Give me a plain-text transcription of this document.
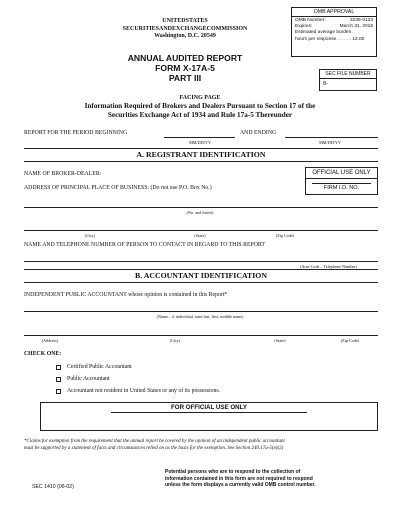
UNITEDSTATES
SECURITIESANDEXCHANGECOMMISSION
Washington, D.C. 20549
ANNUAL AUDITED REPORT
FORM X-17A-5
PART III
FACING PAGE
Information Required of Brokers and Dealers Pursuant to Section 17 of the
Securities Exchange Act of 1934 and Rule 17a-5 Thereunder
OMB APPROVAL
OMB Number:	3235-0123
Expires:	March 31, 2016
Estimated average burden
hours per response. . . . . . 12.00
SEC FILE NUMBER
8-
REPORT FOR THE PERIOD BEGINNING	AND ENDING
MM/DD/YY	MM/DD/YY
A. REGISTRANT IDENTIFICATION
NAME OF BROKER-DEALER:
ADDRESS OF PRINCIPAL PLACE OF BUSINESS: (Do not use P.O. Box No.)
OFFICIAL USE ONLY
FIRM I.D. NO.
(No. and Street)
(City)	(State)	(Zip Code)
NAME AND TELEPHONE NUMBER OF PERSON TO CONTACT IN REGARD TO THIS REPORT
(Area Code – Telephone Number)
B. ACCOUNTANT IDENTIFICATION
INDEPENDENT PUBLIC ACCOUNTANT whose opinion is contained in this Report*
(Name – if individual, state last, first, middle name)
(Address)	(City)	(State)	(Zip Code)
CHECK ONE:
Certified Public Accountant
Public Accountant
Accountant not resident in United States or any of its possessions.
FOR OFFICIAL USE ONLY
*Claims for exemption from the requirement that the annual report be covered by the opinion of an independent public accountant
must be supported by a statement of facts and circumstances relied on as the basis for the exemption. See Section 240.17a-5(e)(2)
SEC 1410 (06-02)
Potential persons who are to respond to the collection of
information contained in this form are not required to respond
unless the form displays a currently valid OMB control number.
